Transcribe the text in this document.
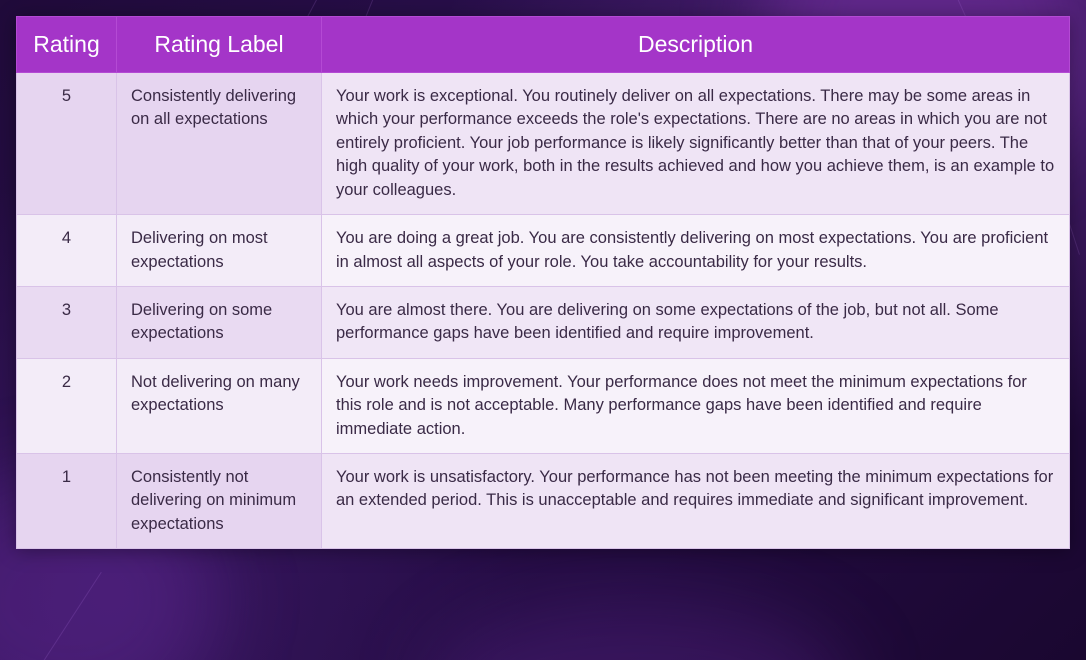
Rating	Rating Label	Description
5	Consistently delivering on all expectations	Your work is exceptional. You routinely deliver on all expectations. There may be some areas in which your performance exceeds the role's expectations. There are no areas in which you are not entirely proficient. Your job performance is likely significantly better than that of your peers. The high quality of your work, both in the results achieved and how you achieve them, is an example to your colleagues.
4	Delivering on most expectations	You are doing a great job. You are consistently delivering on most expectations. You are proficient in almost all aspects of your role. You take accountability for your results.
3	Delivering on some expectations	You are almost there. You are delivering on some expectations of the job, but not all. Some performance gaps have been identified and require improvement.
2	Not delivering on many expectations	Your work needs improvement. Your performance does not meet the minimum expectations for this role and is not acceptable. Many performance gaps have been identified and require immediate action.
1	Consistently not delivering on minimum expectations	Your work is unsatisfactory. Your performance has not been meeting the minimum expectations for an extended period. This is unacceptable and requires immediate and significant improvement.
